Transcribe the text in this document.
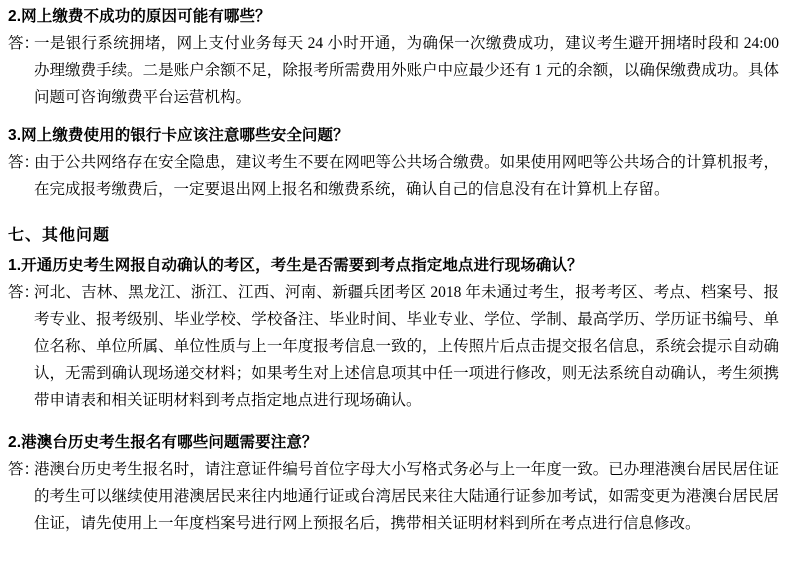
2.网上缴费不成功的原因可能有哪些？
答：
一是银行系统拥堵，网上支付业务每天 24 小时开通，为确保一次缴费成功，建议考生避开拥堵时段和 24:00 办理缴费手续。二是账户余额不足，除报考所需费用外账户中应最少还有 1 元的余额，以确保缴费成功。具体问题可咨询缴费平台运营机构。
3.网上缴费使用的银行卡应该注意哪些安全问题？
答：
由于公共网络存在安全隐患，建议考生不要在网吧等公共场合缴费。如果使用网吧等公共场合的计算机报考，在完成报考缴费后，一定要退出网上报名和缴费系统，确认自己的信息没有在计算机上存留。
七、其他问题
1.开通历史考生网报自动确认的考区，考生是否需要到考点指定地点进行现场确认？
答：
河北、吉林、黑龙江、浙江、江西、河南、新疆兵团考区 2018 年未通过考生，报考考区、考点、档案号、报考专业、报考级别、毕业学校、学校备注、毕业时间、毕业专业、学位、学制、最高学历、学历证书编号、单位名称、单位所属、单位性质与上一年度报考信息一致的，上传照片后点击提交报名信息，系统会提示自动确认，无需到确认现场递交材料；如果考生对上述信息项其中任一项进行修改，则无法系统自动确认，考生须携带申请表和相关证明材料到考点指定地点进行现场确认。
2.港澳台历史考生报名有哪些问题需要注意？
答：
港澳台历史考生报名时，请注意证件编号首位字母大小写格式务必与上一年度一致。已办理港澳台居民居住证的考生可以继续使用港澳居民来往内地通行证或台湾居民来往大陆通行证参加考试，如需变更为港澳台居民居住证，请先使用上一年度档案号进行网上预报名后，携带相关证明材料到所在考点进行信息修改。
